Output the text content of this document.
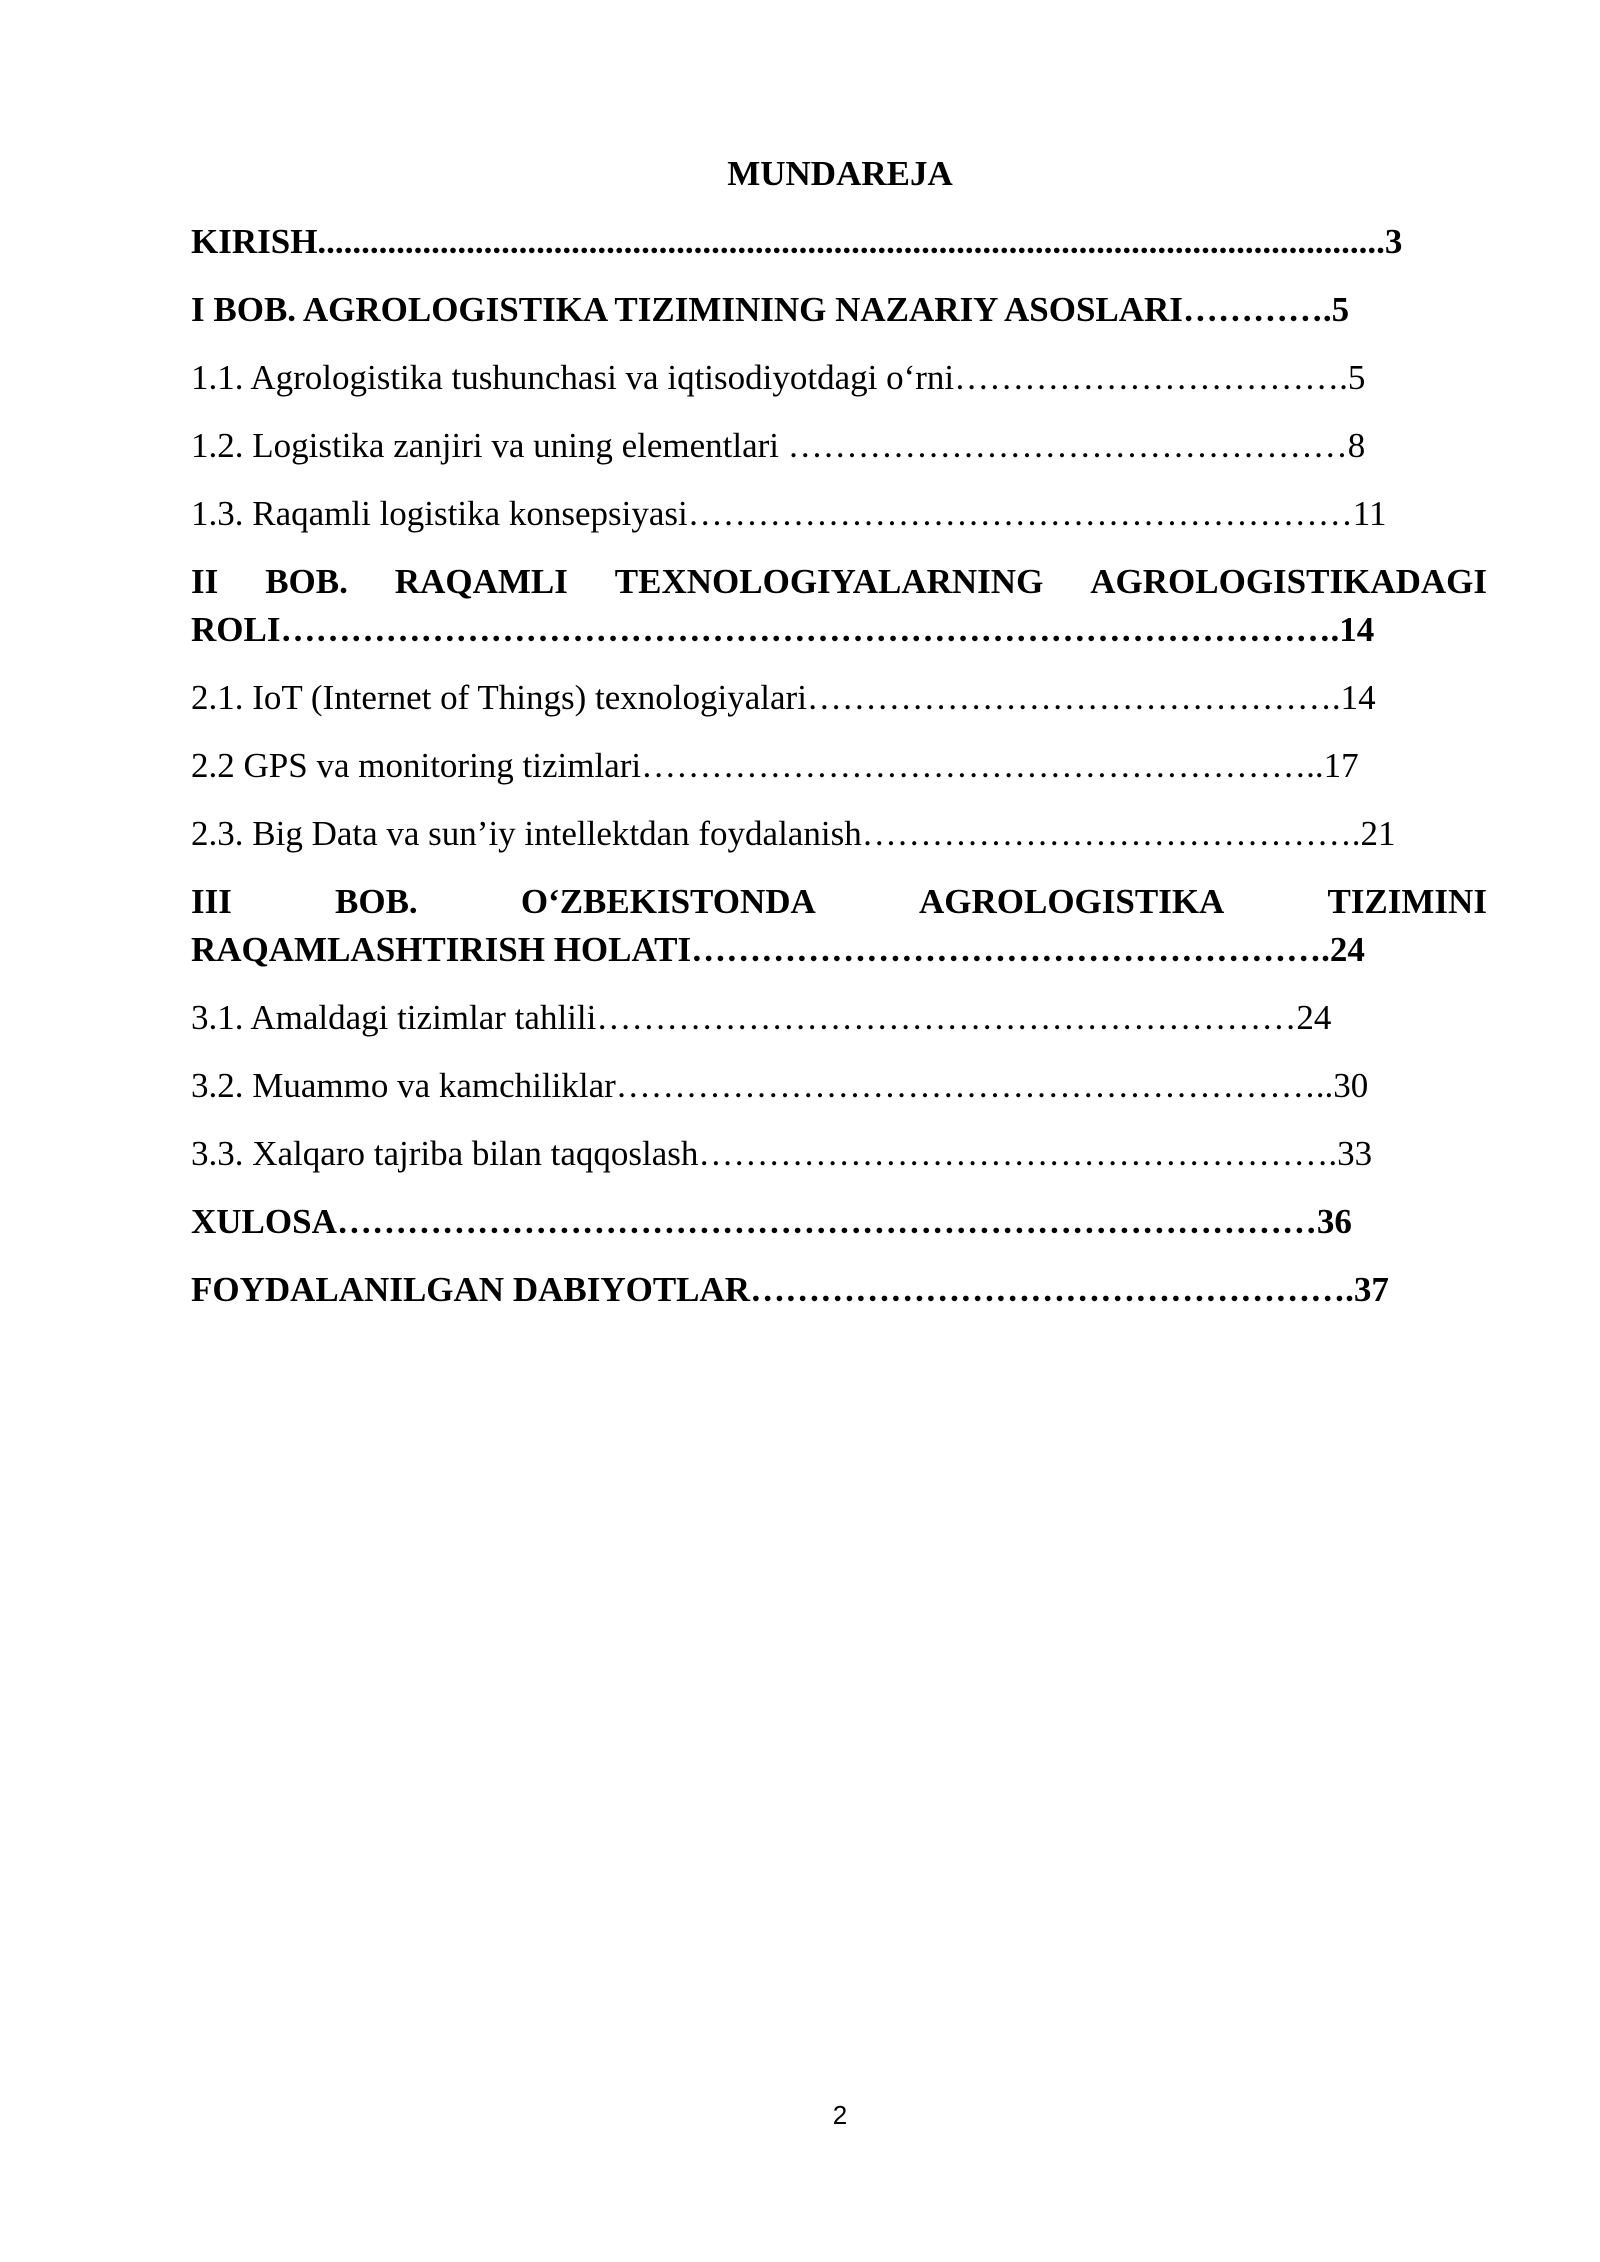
MUNDAREJA
KIRISH..........................................................................................................................3
I BOB. AGROLOGISTIKA TIZIMINING NAZARIY ASOSLARI………….5
1.1. Agrologistika tushunchasi va iqtisodiyotdagi o‘rni…………………………….5
1.2. Logistika zanjiri va uning elementlari …………………………………………8
1.3. Raqamli logistika konsepsiyasi…………………………………………………11
II BOB. RAQAMLI TEXNOLOGIYALARNING AGROLOGISTIKADAGI
ROLI……………………………………………………………………………….14
2.1. IoT (Internet of Things) texnologiyalari……………………………………….14
2.2 GPS va monitoring tizimlari…………………………………………………..17
2.3. Big Data va sun’iy intellektdan foydalanish…………………………………….21
III	BOB.	O‘ZBEKISTONDA	AGROLOGISTIKA	TIZIMINI
RAQAMLASHTIRISH HOLATI……………………………………………….24
3.1. Amaldagi tizimlar tahlili……………………………………………………24
3.2. Muammo va kamchiliklar……………………………………………………..30
3.3. Xalqaro tajriba bilan taqqoslash……………………………………………….33
XULOSA…………………………………………………………………………36
FOYDALANILGAN DABIYOTLAR…………………………………………….37
2
